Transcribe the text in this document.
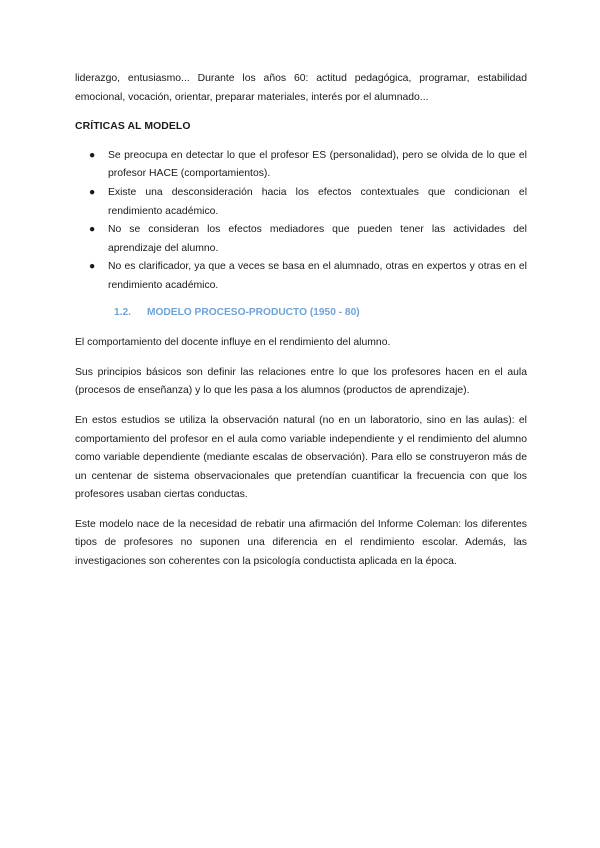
liderazgo, entusiasmo... Durante los años 60: actitud pedagógica, programar, estabilidad emocional, vocación, orientar, preparar materiales, interés por el alumnado...

CRÍTICAS AL MODELO
● Se preocupa en detectar lo que el profesor ES (personalidad), pero se olvida de lo que el profesor HACE (comportamientos).
● Existe una desconsideración hacia los efectos contextuales que condicionan el rendimiento académico.
● No se consideran los efectos mediadores que pueden tener las actividades del aprendizaje del alumno.
● No es clarificador, ya que a veces se basa en el alumnado, otras en expertos y otras en el rendimiento académico.
1.2. MODELO PROCESO-PRODUCTO (1950 - 80)

El comportamiento del docente influye en el rendimiento del alumno.

Sus principios básicos son definir las relaciones entre lo que los profesores hacen en el aula (procesos de enseñanza) y lo que les pasa a los alumnos (productos de aprendizaje).

En estos estudios se utiliza la observación natural (no en un laboratorio, sino en las aulas): el comportamiento del profesor en el aula como variable independiente y el rendimiento del alumno como variable dependiente (mediante escalas de observación). Para ello se construyeron más de un centenar de sistema observacionales que pretendían cuantificar la frecuencia con que los profesores usaban ciertas conductas.

Este modelo nace de la necesidad de rebatir una afirmación del Informe Coleman: los diferentes tipos de profesores no suponen una diferencia en el rendimiento escolar. Además, las investigaciones son coherentes con la psicología conductista aplicada en la época.
